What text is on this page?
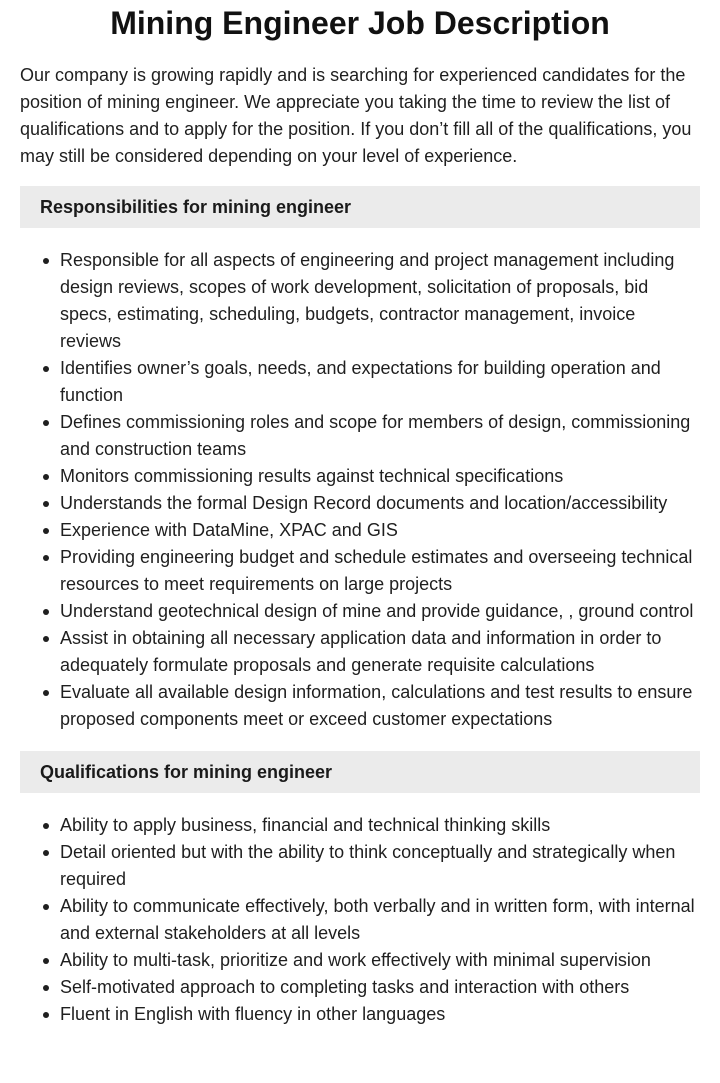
Mining Engineer Job Description

Our company is growing rapidly and is searching for experienced candidates for the position of mining engineer. We appreciate you taking the time to review the list of qualifications and to apply for the position. If you don’t fill all of the qualifications, you may still be considered depending on your level of experience.

Responsibilities for mining engineer
Responsible for all aspects of engineering and project management including design reviews, scopes of work development, solicitation of proposals, bid specs, estimating, scheduling, budgets, contractor management, invoice reviews
Identifies owner’s goals, needs, and expectations for building operation and function
Defines commissioning roles and scope for members of design, commissioning and construction teams
Monitors commissioning results against technical specifications
Understands the formal Design Record documents and location/accessibility
Experience with DataMine, XPAC and GIS
Providing engineering budget and schedule estimates and overseeing technical resources to meet requirements on large projects
Understand geotechnical design of mine and provide guidance, , ground control
Assist in obtaining all necessary application data and information in order to adequately formulate proposals and generate requisite calculations
Evaluate all available design information, calculations and test results to ensure proposed components meet or exceed customer expectations
Qualifications for mining engineer
Ability to apply business, financial and technical thinking skills
Detail oriented but with the ability to think conceptually and strategically when required
Ability to communicate effectively, both verbally and in written form, with internal and external stakeholders at all levels
Ability to multi-task, prioritize and work effectively with minimal supervision
Self-motivated approach to completing tasks and interaction with others
Fluent in English with fluency in other languages
